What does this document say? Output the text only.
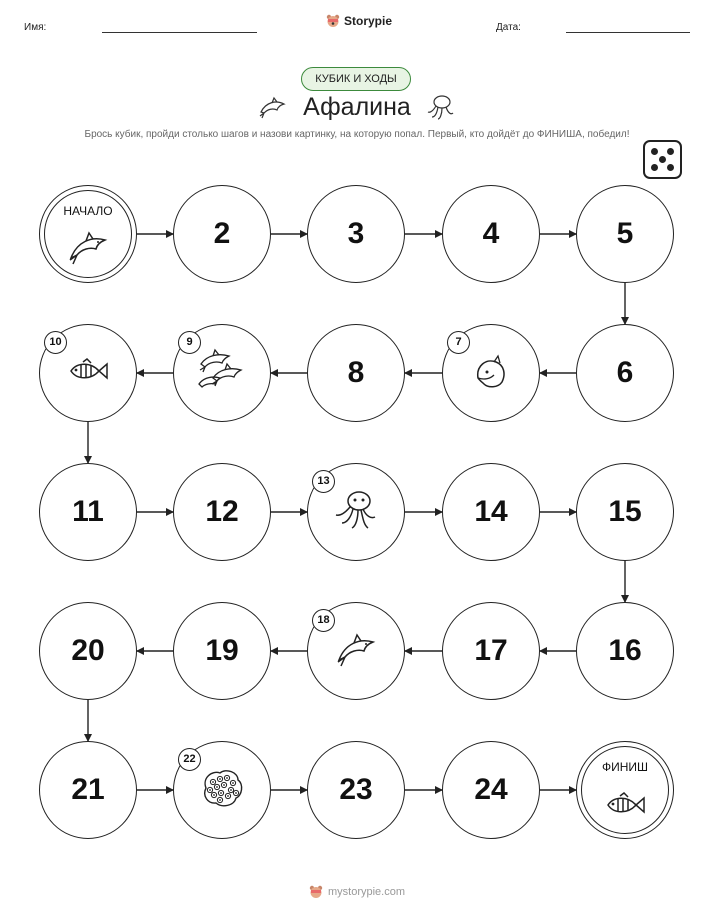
Имя:	Дата:
Storypie
КУБИК И ХОДЫ
Афалина
Брось кубик, пройди столько шагов и назови картинку, на которую попал. Первый, кто дойдёт до ФИНИША, победил!
НАЧАЛО
2	3	4	5
6
7
8
9
10
11	12
13
14	15
16
17
18
19
20
21
22
23	24
ФИНИШ
mystorypie.com
